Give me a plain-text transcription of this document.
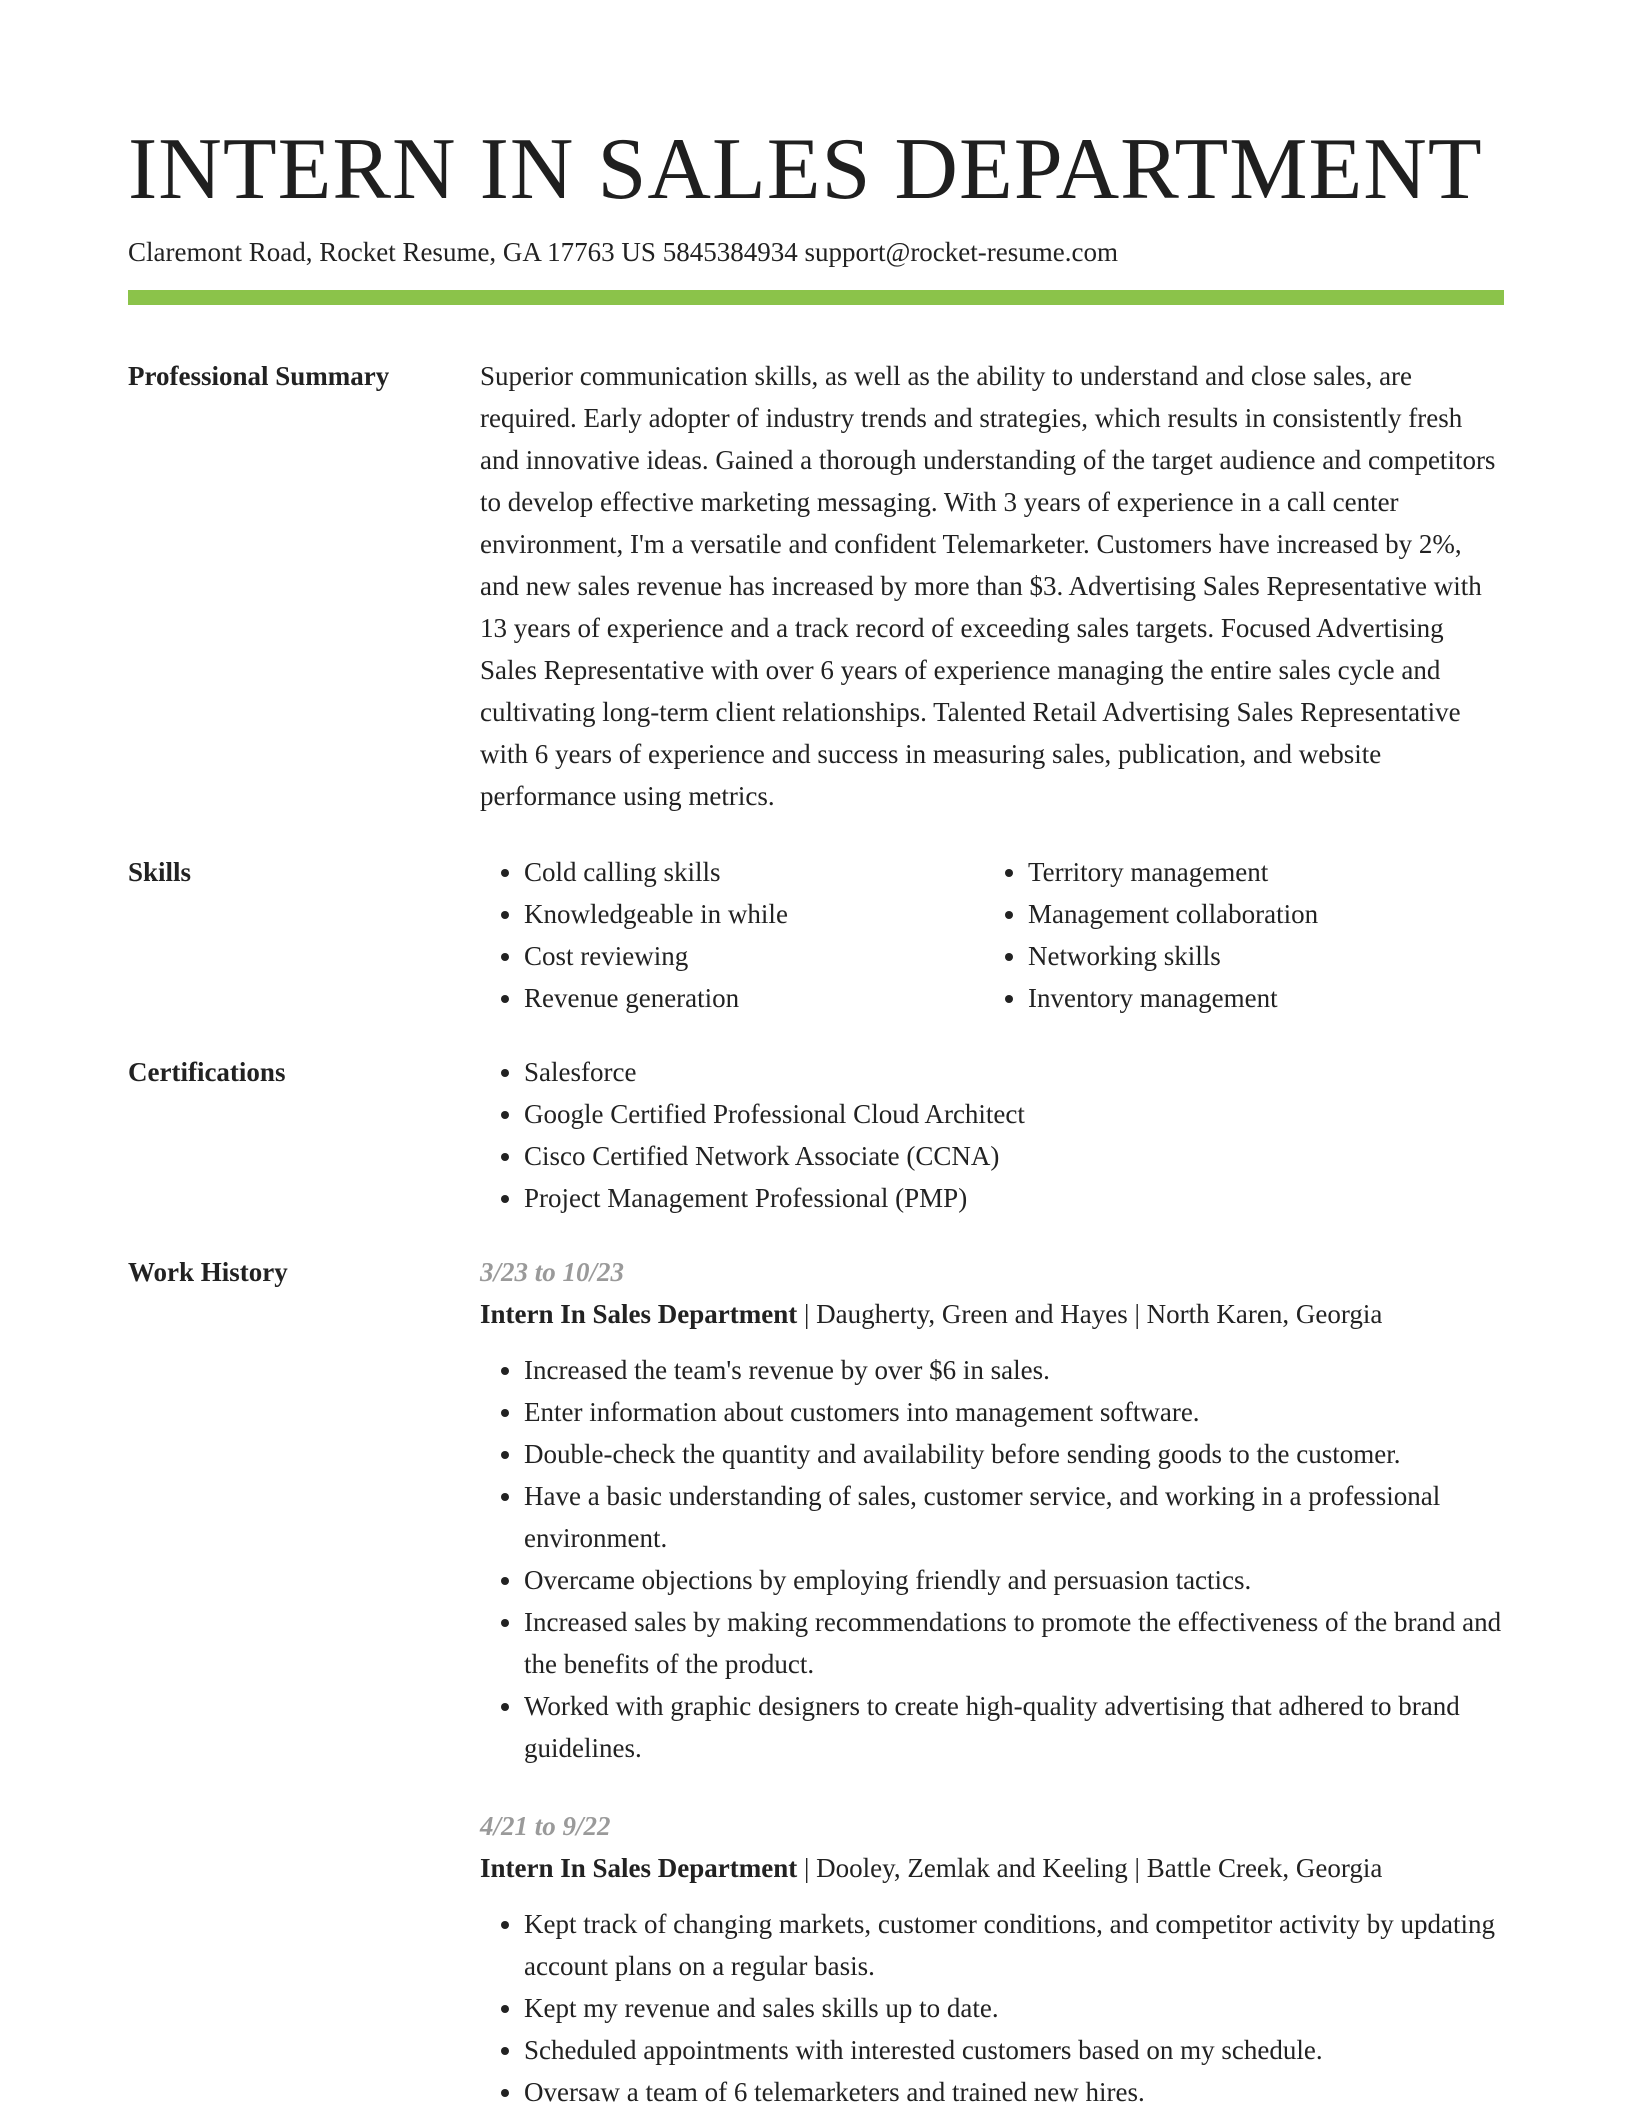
INTERN IN SALES DEPARTMENT
Claremont Road, Rocket Resume, GA 17763 US 5845384934 support@rocket-resume.com
Professional Summary	Superior communication skills, as well as the ability to understand and close sales, are required. Early adopter of industry trends and strategies, which results in consistently fresh and innovative ideas. Gained a thorough understanding of the target audience and competitors to develop effective marketing messaging. With 3 years of experience in a call center environment, I'm a versatile and confident Telemarketer. Customers have increased by 2%, and new sales revenue has increased by more than $3. Advertising Sales Representative with 13 years of experience and a track record of exceeding sales targets. Focused Advertising Sales Representative with over 6 years of experience managing the entire sales cycle and cultivating long-term client relationships. Talented Retail Advertising Sales Representative with 6 years of experience and success in measuring sales, publication, and website performance using metrics.
Skills	• Cold calling skills
• Knowledgeable in while
• Cost reviewing
• Revenue generation
• Territory management
• Management collaboration
• Networking skills
• Inventory management
Certifications	• Salesforce
• Google Certified Professional Cloud Architect
• Cisco Certified Network Associate (CCNA)
• Project Management Professional (PMP)
Work History	3/23 to 10/23
Intern In Sales Department | Daugherty, Green and Hayes | North Karen, Georgia
• Increased the team's revenue by over $6 in sales.
• Enter information about customers into management software.
• Double-check the quantity and availability before sending goods to the customer.
• Have a basic understanding of sales, customer service, and working in a professional environment.
• Overcame objections by employing friendly and persuasion tactics.
• Increased sales by making recommendations to promote the effectiveness of the brand and the benefits of the product.
• Worked with graphic designers to create high-quality advertising that adhered to brand guidelines.
4/21 to 9/22
Intern In Sales Department | Dooley, Zemlak and Keeling | Battle Creek, Georgia
• Kept track of changing markets, customer conditions, and competitor activity by updating account plans on a regular basis.
• Kept my revenue and sales skills up to date.
• Scheduled appointments with interested customers based on my schedule.
• Oversaw a team of 6 telemarketers and trained new hires.
